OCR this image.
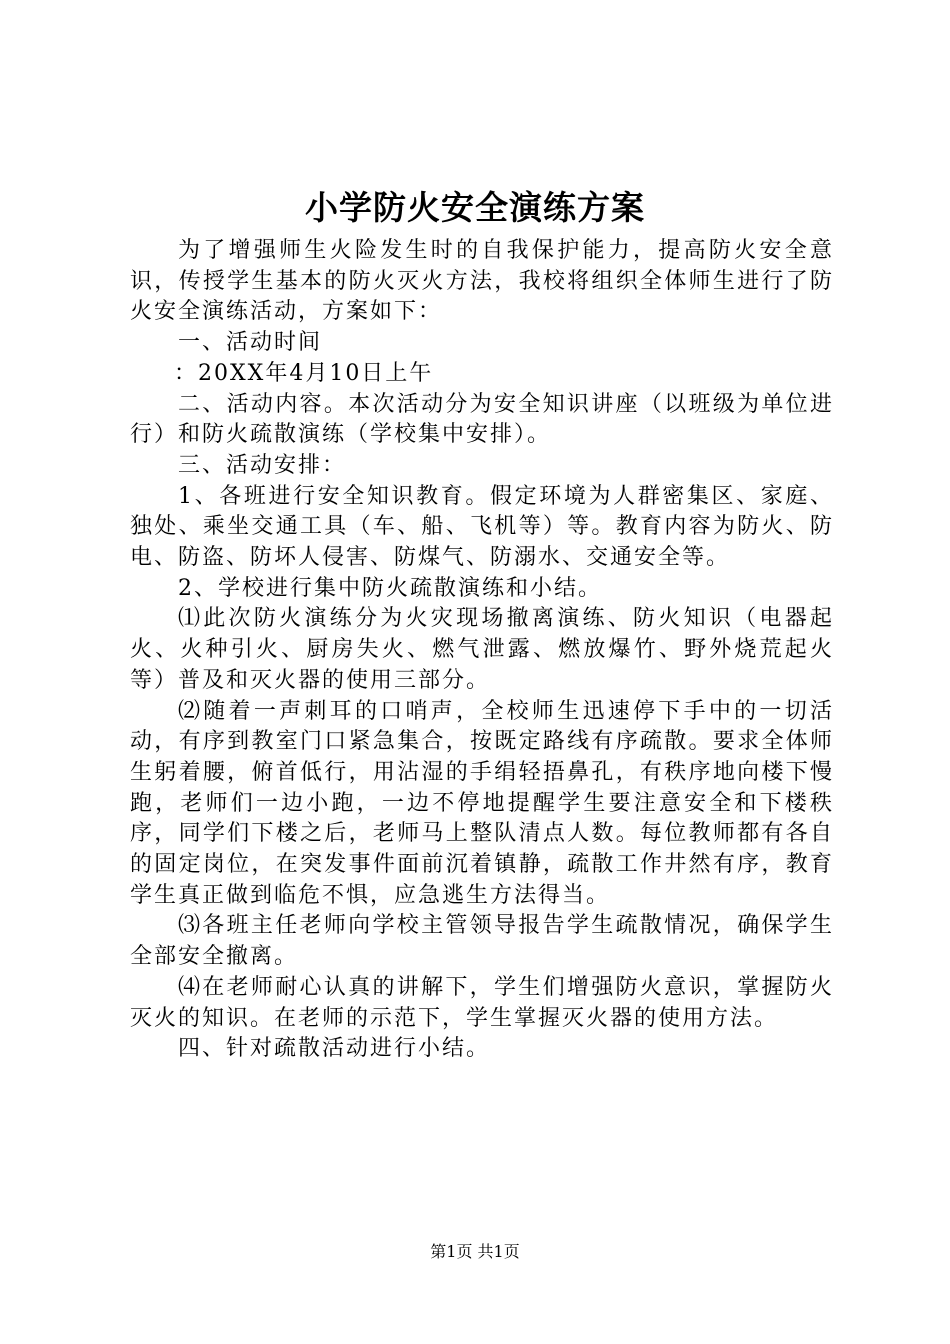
小学防火安全演练方案

为了增强师生火险发生时的自我保护能力，提高防火安全意识，传授学生基本的防火灭火方法，我校将组织全体师生进行了防火安全演练活动，方案如下：

一、活动时间

：20XX年4月10日上午

二、活动内容。本次活动分为安全知识讲座（以班级为单位进行）和防火疏散演练（学校集中安排）。

三、活动安排：

1、各班进行安全知识教育。假定环境为人群密集区、家庭、独处、乘坐交通工具（车、船、飞机等）等。教育内容为防火、防电、防盗、防坏人侵害、防煤气、防溺水、交通安全等。

2、学校进行集中防火疏散演练和小结。

⑴此次防火演练分为火灾现场撤离演练、防火知识（电器起火、火种引火、厨房失火、燃气泄露、燃放爆竹、野外烧荒起火等）普及和灭火器的使用三部分。

⑵随着一声刺耳的口哨声，全校师生迅速停下手中的一切活动，有序到教室门口紧急集合，按既定路线有序疏散。要求全体师生躬着腰，俯首低行，用沾湿的手绢轻捂鼻孔，有秩序地向楼下慢跑，老师们一边小跑，一边不停地提醒学生要注意安全和下楼秩序，同学们下楼之后，老师马上整队清点人数。每位教师都有各自的固定岗位，在突发事件面前沉着镇静，疏散工作井然有序，教育学生真正做到临危不惧，应急逃生方法得当。

⑶各班主任老师向学校主管领导报告学生疏散情况，确保学生全部安全撤离。

⑷在老师耐心认真的讲解下，学生们增强防火意识，掌握防火灭火的知识。在老师的示范下，学生掌握灭火器的使用方法。

四、针对疏散活动进行小结。

第1页 共1页
